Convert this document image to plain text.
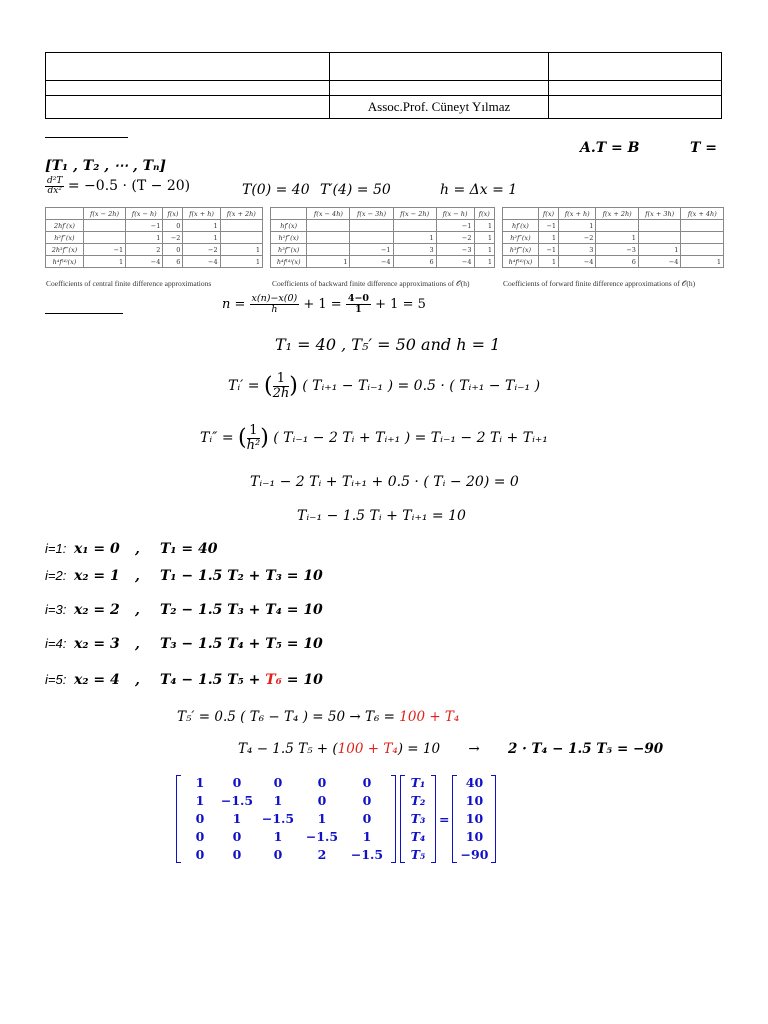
	Assoc.Prof. Cüneyt Yılmaz	
A.T = B	T =
[T₁ , T₂ , ⋯ , Tₙ]
$\frac{\text{d²T}}{\text{dx²}} = -0.5 \cdot (T - 20)$	T(0) = 40 T′(4) = 50	h = Δx = 1
	f(x − 2h)	f(x − h)	f(x)	f(x + h)	f(x + 2h)
2hf′(x)		−1	0	1	
h²f″(x)		1	−2	1	
2h³f‴(x)	−1	2	0	−2	1
h⁴f⁽⁴⁾(x)	1	−4	6	−4	1
Coefficients of central finite difference approximations
	f(x − 4h)	f(x − 3h)	f(x − 2h)	f(x − h)	f(x)
hf′(x)				−1	1
h²f″(x)			1	−2	1
h³f‴(x)		−1	3	−3	1
h⁴f⁽⁴⁾(x)	1	−4	6	−4	1
Coefficients of backward finite difference approximations of 𝒪(h)
	f(x)	f(x + h)	f(x + 2h)	f(x + 3h)	f(x + 4h)
hf′(x)	−1	1			
h²f″(x)	1	−2	1		
h³f‴(x)	−1	3	−3	1	
h⁴f⁽⁴⁾(x)	1	−4	6	−4	1
Coefficients of forward finite difference approximations of 𝒪(h)
$n = \frac{x(n)-x(0)}{h} + 1 = \frac{4-0}{1} + 1 = 5$
T₁ = 40 , T₅′ = 50 and h = 1
Tᵢ′ = ( $\frac{1}{2h}$ ) ( Tᵢ₊₁ − Tᵢ₋₁ ) = 0.5 · ( Tᵢ₊₁ − Tᵢ₋₁ )
Tᵢ″ = ( $\frac{1}{\text{h²}}$ ) ( Tᵢ₋₁ − 2 Tᵢ + Tᵢ₊₁ ) = Tᵢ₋₁ − 2 Tᵢ + Tᵢ₊₁
Tᵢ₋₁ − 2 Tᵢ + Tᵢ₊₁ + 0.5 · ( Tᵢ − 20) = 0
Tᵢ₋₁ − 1.5 Tᵢ + Tᵢ₊₁ = 10
i=1: x₁ = 0 , T₁ = 40
i=2: x₂ = 1 , T₁ − 1.5 T₂ + T₃ = 10
i=3: x₂ = 2 , T₂ − 1.5 T₃ + T₄ = 10
i=4: x₂ = 3 , T₃ − 1.5 T₄ + T₅ = 10
i=5: x₂ = 4 , T₄ − 1.5 T₅ + T₆ = 10
T₅′ = 0.5 ( T₆ − T₄ ) = 50 → T₆ = 100 + T₄
T₄ − 1.5 T₅ + (100 + T₄) = 10 → 2 · T₄ − 1.5 T₅ = −90
1	0	0	0	0
1	−1.5	1	0	0
0	1	−1.5	1	0
0	0	1	−1.5	1
0	0	0	2	−1.5
T₁
T₂
T₃
T₄
T₅
=
40
10
10
10
−90
